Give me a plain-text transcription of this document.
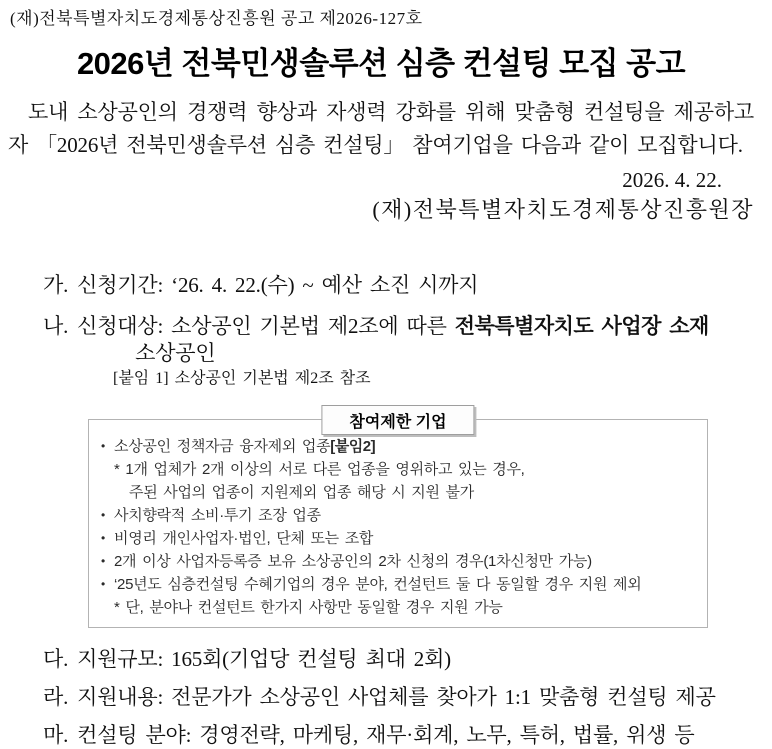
(재)전북특별자치도경제통상진흥원 공고 제2026-127호
2026년 전북민생솔루션 심층 컨설팅 모집 공고

도내 소상공인의 경쟁력 향상과 자생력 강화를 위해 맞춤형 컨설팅을 제공하고자 「2026년 전북민생솔루션 심층 컨설팅」 참여기업을 다음과 같이 모집합니다.

2026. 4. 22.
(재)전북특별자치도경제통상진흥원장
가. 신청기간: ‘26. 4. 22.(수) ~ 예산 소진 시까지
나. 신청대상: 소상공인 기본법 제2조에 따른 전북특별자치도 사업장 소재
소상공인
[붙임 1] 소상공인 기본법 제2조 참조
참여제한 기업
• 소상공인 정책자금 융자제외 업종[붙임2]
* 1개 업체가 2개 이상의 서로 다른 업종을 영위하고 있는 경우,
주된 사업의 업종이 지원제외 업종 해당 시 지원 불가
• 사치향락적 소비·투기 조장 업종
• 비영리 개인사업자·법인, 단체 또는 조합
• 2개 이상 사업자등록증 보유 소상공인의 2차 신청의 경우(1차신청만 가능)
• ‘25년도 심층컨설팅 수혜기업의 경우 분야, 컨설턴트 둘 다 동일할 경우 지원 제외
* 단, 분야나 컨설턴트 한가지 사항만 동일할 경우 지원 가능
다. 지원규모: 165회(기업당 컨설팅 최대 2회)
라. 지원내용: 전문가가 소상공인 사업체를 찾아가 1:1 맞춤형 컨설팅 제공
마. 컨설팅 분야: 경영전략, 마케팅, 재무·회계, 노무, 특허, 법률, 위생 등
